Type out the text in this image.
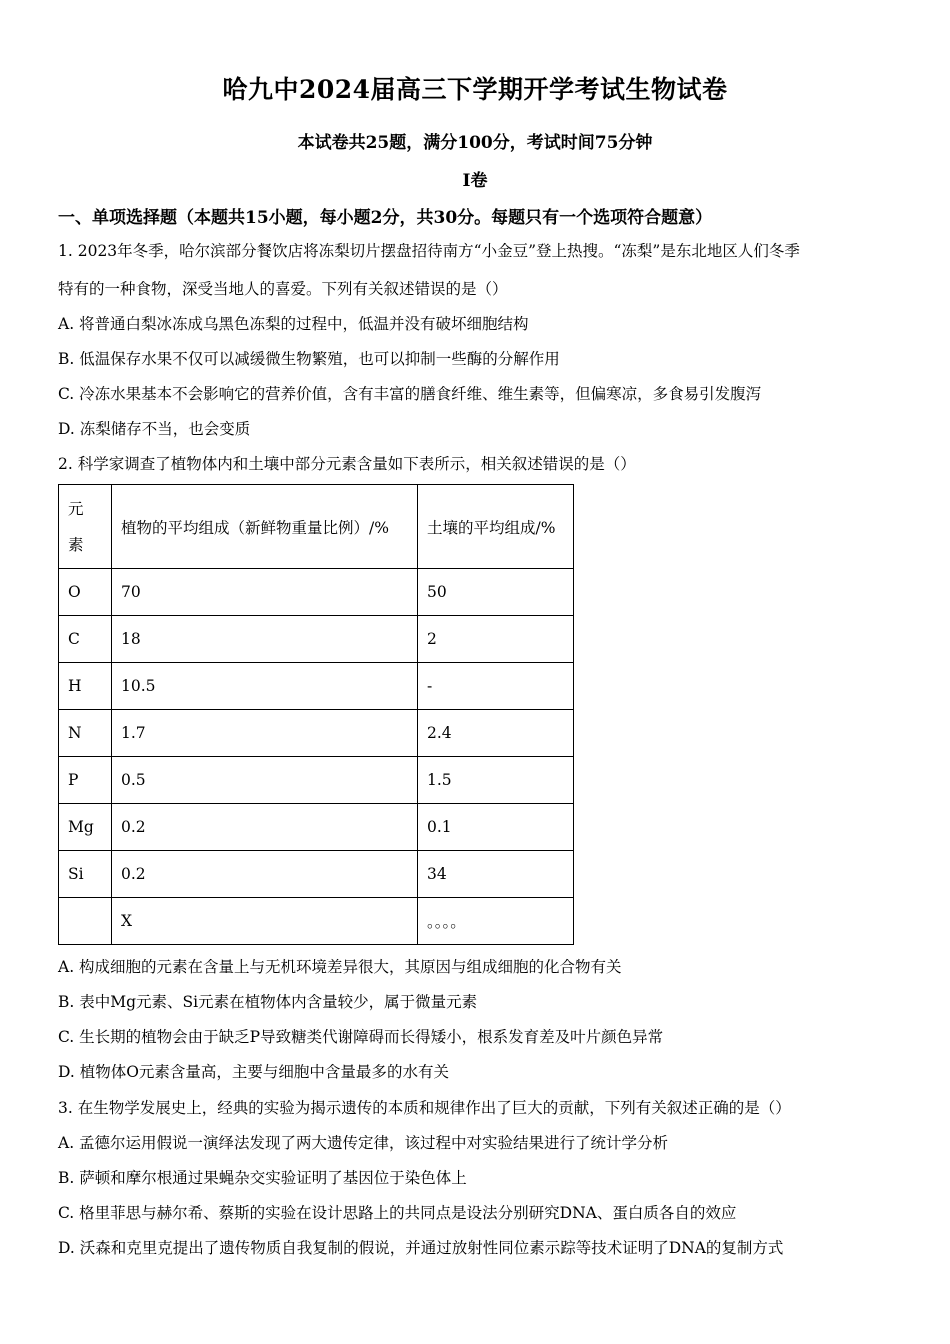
哈九中2024届高三下学期开学考试生物试卷
本试卷共25题，满分100分，考试时间75分钟
I卷
一、单项选择题（本题共15小题，每小题2分，共30分。每题只有一个选项符合题意）
1. 2023年冬季，哈尔滨部分餐饮店将冻梨切片摆盘招待南方“小金豆”登上热搜。“冻梨”是东北地区人们冬季
特有的一种食物，深受当地人的喜爱。下列有关叙述错误的是（）
A. 将普通白梨冰冻成乌黑色冻梨的过程中，低温并没有破坏细胞结构
B. 低温保存水果不仅可以减缓微生物繁殖，也可以抑制一些酶的分解作用
C. 冷冻水果基本不会影响它的营养价值，含有丰富的膳食纤维、维生素等，但偏寒凉，多食易引发腹泻
D. 冻梨储存不当，也会变质
2. 科学家调查了植物体内和土壤中部分元素含量如下表所示，相关叙述错误的是（）
元
素	植物的平均组成（新鲜物重量比例）/%	土壤的平均组成/%
O	70	50
C	18	2
H	10.5	-
N	1.7	2.4
P	0.5	1.5
Mg	0.2	0.1
Si	0.2	34
	X	。。。。
A. 构成细胞的元素在含量上与无机环境差异很大，其原因与组成细胞的化合物有关
B. 表中Mg元素、Si元素在植物体内含量较少，属于微量元素
C. 生长期的植物会由于缺乏P导致糖类代谢障碍而长得矮小，根系发育差及叶片颜色异常
D. 植物体O元素含量高，主要与细胞中含量最多的水有关
3. 在生物学发展史上，经典的实验为揭示遗传的本质和规律作出了巨大的贡献，下列有关叙述正确的是（）
A. 孟德尔运用假说一演绎法发现了两大遗传定律，该过程中对实验结果进行了统计学分析
B. 萨顿和摩尔根通过果蝇杂交实验证明了基因位于染色体上
C. 格里菲思与赫尔希、蔡斯的实验在设计思路上的共同点是设法分别研究DNA、蛋白质各自的效应
D. 沃森和克里克提出了遗传物质自我复制的假说，并通过放射性同位素示踪等技术证明了DNA的复制方式
